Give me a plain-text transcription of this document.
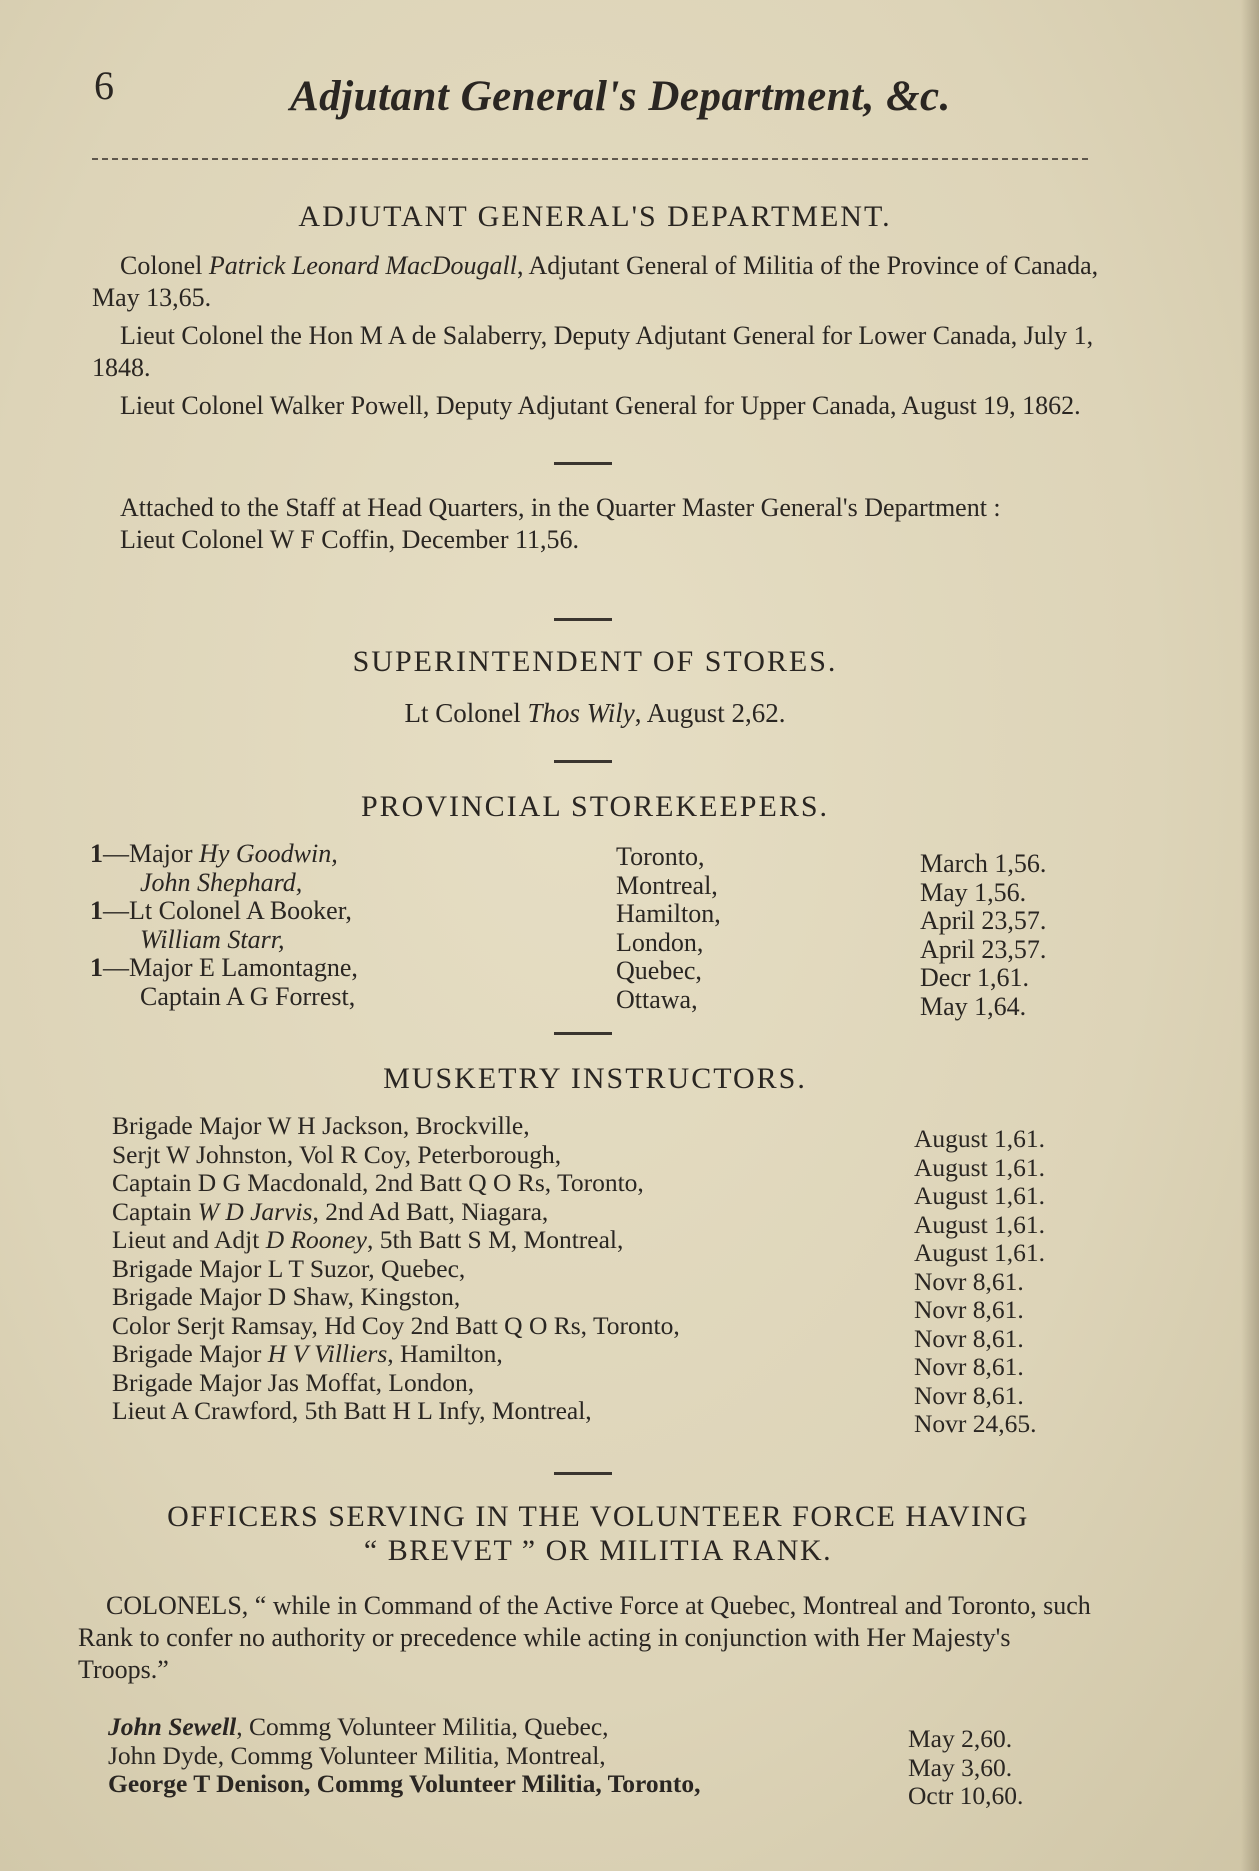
6	Adjutant General's Department, &c.
ADJUTANT GENERAL'S DEPARTMENT.

Colonel Patrick Leonard MacDougall, Adjutant General of Militia of the Province of Canada, May 13,65.

Lieut Colonel the Hon M A de Salaberry, Deputy Adjutant General for Lower Canada, July 1, 1848.

Lieut Colonel Walker Powell, Deputy Adjutant General for Upper Canada, August 19, 1862.

Attached to the Staff at Head Quarters, in the Quarter Master General's Department :

Lieut Colonel W F Coffin, December 11,56.

SUPERINTENDENT OF STORES.
Lt Colonel Thos Wily, August 2,62.
PROVINCIAL STOREKEEPERS.
1—Major Hy Goodwin,
John Shephard,
1—Lt Colonel A Booker,
William Starr,
1—Major E Lamontagne,
Captain A G Forrest,
Toronto,
Montreal,
Hamilton,
London,
Quebec,
Ottawa,
March 1,56.
May 1,56.
April 23,57.
April 23,57.
Decr 1,61.
May 1,64.
MUSKETRY INSTRUCTORS.
Brigade Major W H Jackson, Brockville,
Serjt W Johnston, Vol R Coy, Peterborough,
Captain D G Macdonald, 2nd Batt Q O Rs, Toronto,
Captain W D Jarvis, 2nd Ad Batt, Niagara,
Lieut and Adjt D Rooney, 5th Batt S M, Montreal,
Brigade Major L T Suzor, Quebec,
Brigade Major D Shaw, Kingston,
Color Serjt Ramsay, Hd Coy 2nd Batt Q O Rs, Toronto,
Brigade Major H V Villiers, Hamilton,
Brigade Major Jas Moffat, London,
Lieut A Crawford, 5th Batt H L Infy, Montreal,
August 1,61.
August 1,61.
August 1,61.
August 1,61.
August 1,61.
Novr 8,61.
Novr 8,61.
Novr 8,61.
Novr 8,61.
Novr 8,61.
Novr 24,65.
OFFICERS SERVING IN THE VOLUNTEER FORCE HAVING
“ BREVET ” OR MILITIA RANK.

COLONELS, “ while in Command of the Active Force at Quebec, Montreal and Toronto, such Rank to confer no authority or precedence while acting in conjunction with Her Majesty's Troops.”

John Sewell, Commg Volunteer Militia, Quebec,
John Dyde, Commg Volunteer Militia, Montreal,
George T Denison, Commg Volunteer Militia, Toronto,
May 2,60.
May 3,60.
Octr 10,60.
